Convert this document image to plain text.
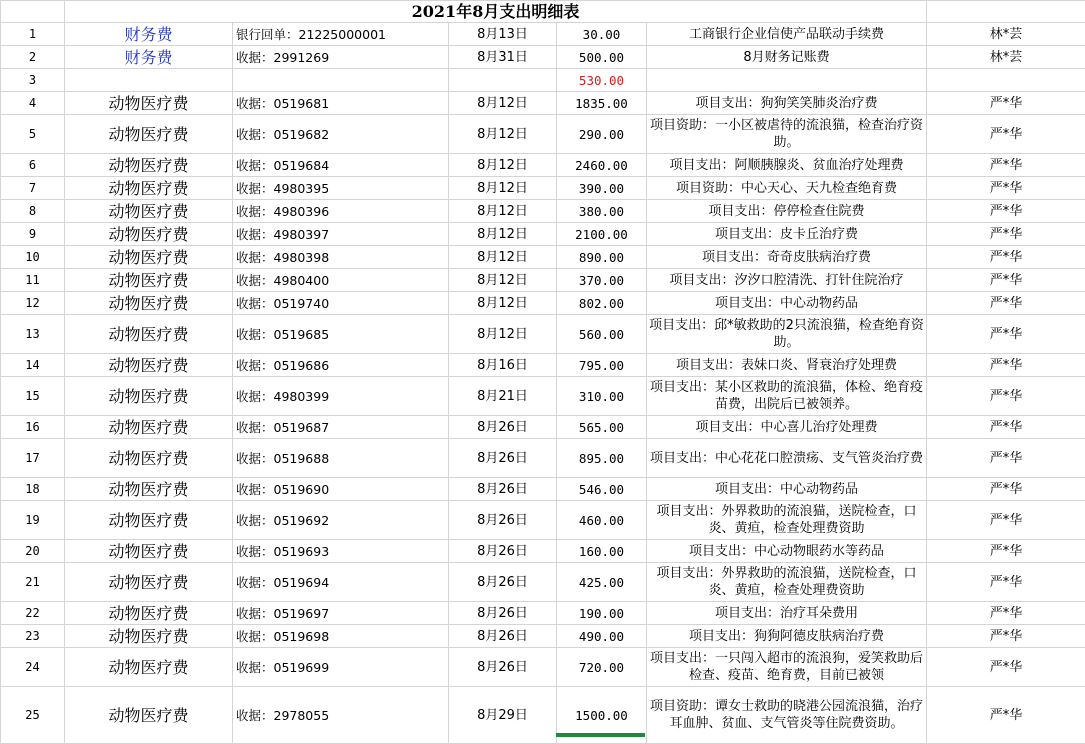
	2021年8月支出明细表					
1	财务费	银行回单：21225000001	8月13日	30.00	工商银行企业信使产品联动手续费	林*芸
2	财务费	收据：2991269	8月31日	500.00	8月财务记账费	林*芸
3				530.00		
4	动物医疗费	收据：0519681	8月12日	1835.00	项目支出：狗狗笑笑肺炎治疗费	严*华
5	动物医疗费	收据：0519682	8月12日	290.00	项目资助：一小区被虐待的流浪猫，检查治疗资助。	严*华
6	动物医疗费	收据：0519684	8月12日	2460.00	项目支出：阿顺胰腺炎、贫血治疗处理费	严*华
7	动物医疗费	收据：4980395	8月12日	390.00	项目资助：中心天心、天九检查绝育费	严*华
8	动物医疗费	收据：4980396	8月12日	380.00	项目支出：停停检查住院费	严*华
9	动物医疗费	收据：4980397	8月12日	2100.00	项目支出：皮卡丘治疗费	严*华
10	动物医疗费	收据：4980398	8月12日	890.00	项目支出：奇奇皮肤病治疗费	严*华
11	动物医疗费	收据：4980400	8月12日	370.00	项目支出：汐汐口腔清洗、打针住院治疗	严*华
12	动物医疗费	收据：0519740	8月12日	802.00	项目支出：中心动物药品	严*华
13	动物医疗费	收据：0519685	8月12日	560.00	项目支出：邱*敏救助的2只流浪猫，检查绝育资助。	严*华
14	动物医疗费	收据：0519686	8月16日	795.00	项目支出：表妹口炎、肾衰治疗处理费	严*华
15	动物医疗费	收据：4980399	8月21日	310.00	项目支出：某小区救助的流浪猫，体检、绝育疫苗费，出院后已被领养。	严*华
16	动物医疗费	收据：0519687	8月26日	565.00	项目支出：中心喜儿治疗处理费	严*华
17	动物医疗费	收据：0519688	8月26日	895.00	项目支出：中心花花口腔溃疡、支气管炎治疗费	严*华
18	动物医疗费	收据：0519690	8月26日	546.00	项目支出：中心动物药品	严*华
19	动物医疗费	收据：0519692	8月26日	460.00	项目支出：外界救助的流浪猫，送院检查，口炎、黄疸，检查处理费资助	严*华
20	动物医疗费	收据：0519693	8月26日	160.00	项目支出：中心动物眼药水等药品	严*华
21	动物医疗费	收据：0519694	8月26日	425.00	项目支出：外界救助的流浪猫，送院检查，口炎、黄疸，检查处理费资助	严*华
22	动物医疗费	收据：0519697	8月26日	190.00	项目支出：治疗耳朵费用	严*华
23	动物医疗费	收据：0519698	8月26日	490.00	项目支出：狗狗阿德皮肤病治疗费	严*华
24	动物医疗费	收据：0519699	8月26日	720.00	项目支出：一只闯入超市的流浪狗，爱笑救助后检查、疫苗、绝育费，目前已被领	严*华
25	动物医疗费	收据：2978055	8月29日	1500.00	项目资助：谭女士救助的晓港公园流浪猫，治疗耳血肿、贫血、支气管炎等住院费资助。	严*华
